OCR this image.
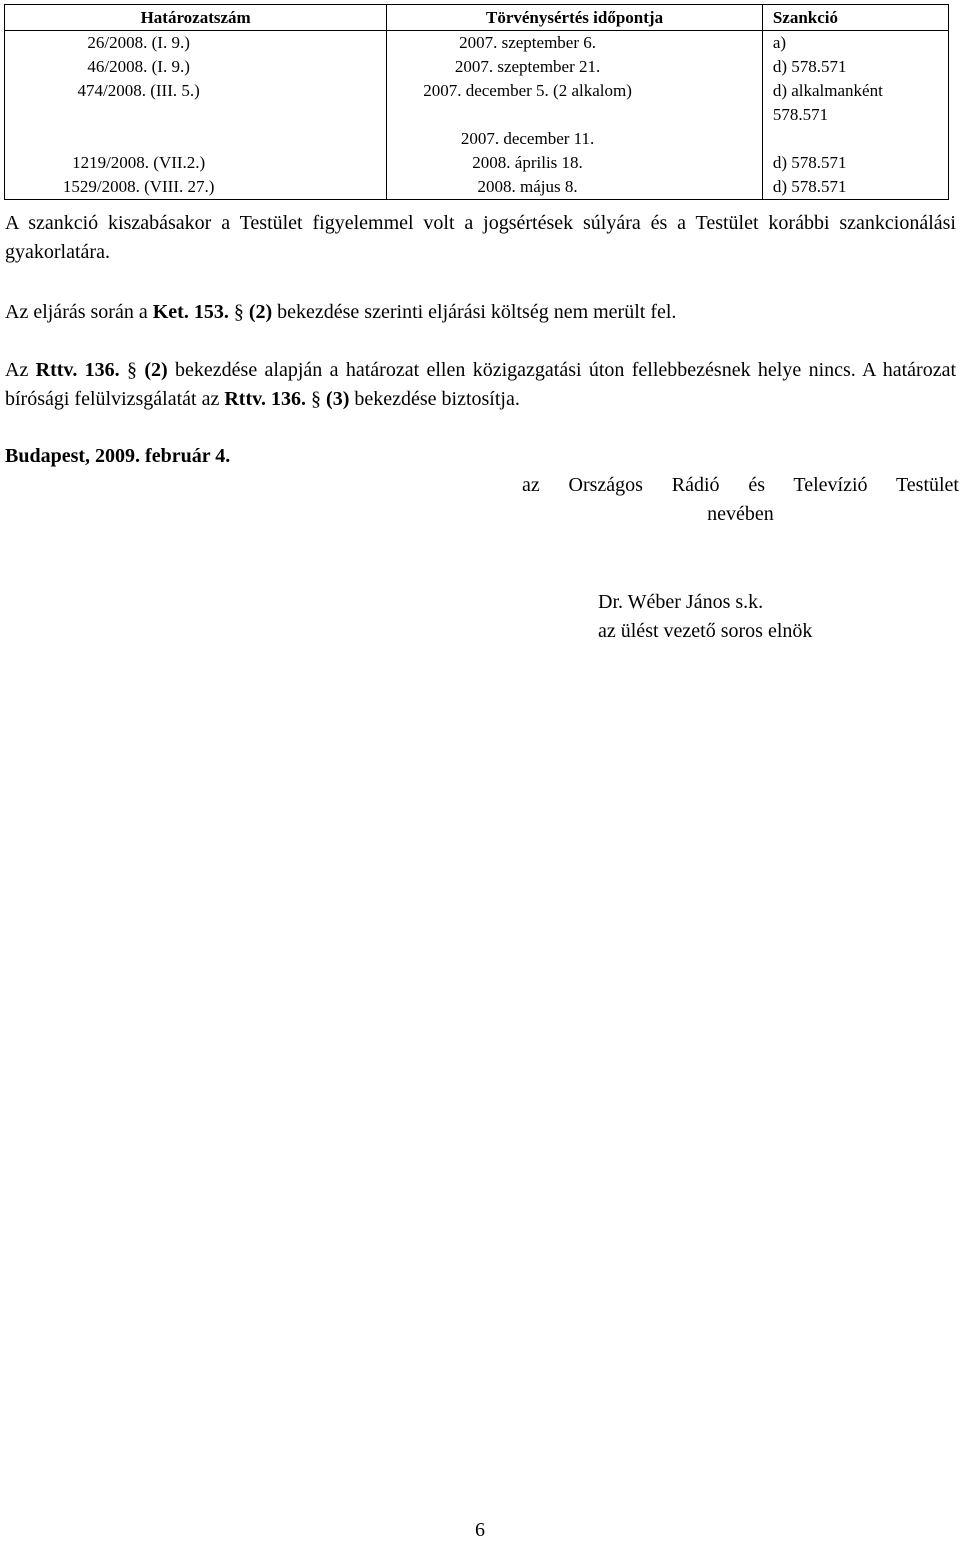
Határozatszám	Törvénysértés időpontja	Szankció
26/2008. (I. 9.)	2007. szeptember 6.	a)
46/2008. (I. 9.)	2007. szeptember 21.	d) 578.571
474/2008. (III. 5.)	2007. december 5. (2 alkalom)	d) alkalmanként 578.571
	2007. december 11.	
1219/2008. (VII.2.)	2008. április 18.	d) 578.571
1529/2008. (VIII. 27.)	2008. május 8.	d) 578.571
A szankció kiszabásakor a Testület figyelemmel volt a jogsértések súlyára és a Testület korábbi szankcionálási gyakorlatára.
Az eljárás során a Ket. 153. § (2) bekezdése szerinti eljárási költség nem merült fel.
Az Rttv. 136. § (2) bekezdése alapján a határozat ellen közigazgatási úton fellebbezésnek helye nincs. A határozat bírósági felülvizsgálatát az Rttv. 136. § (3) bekezdése biztosítja.
Budapest, 2009. február 4.
az Országos Rádió és Televízió Testület
nevében
Dr. Wéber János s.k.
az ülést vezető soros elnök
6
